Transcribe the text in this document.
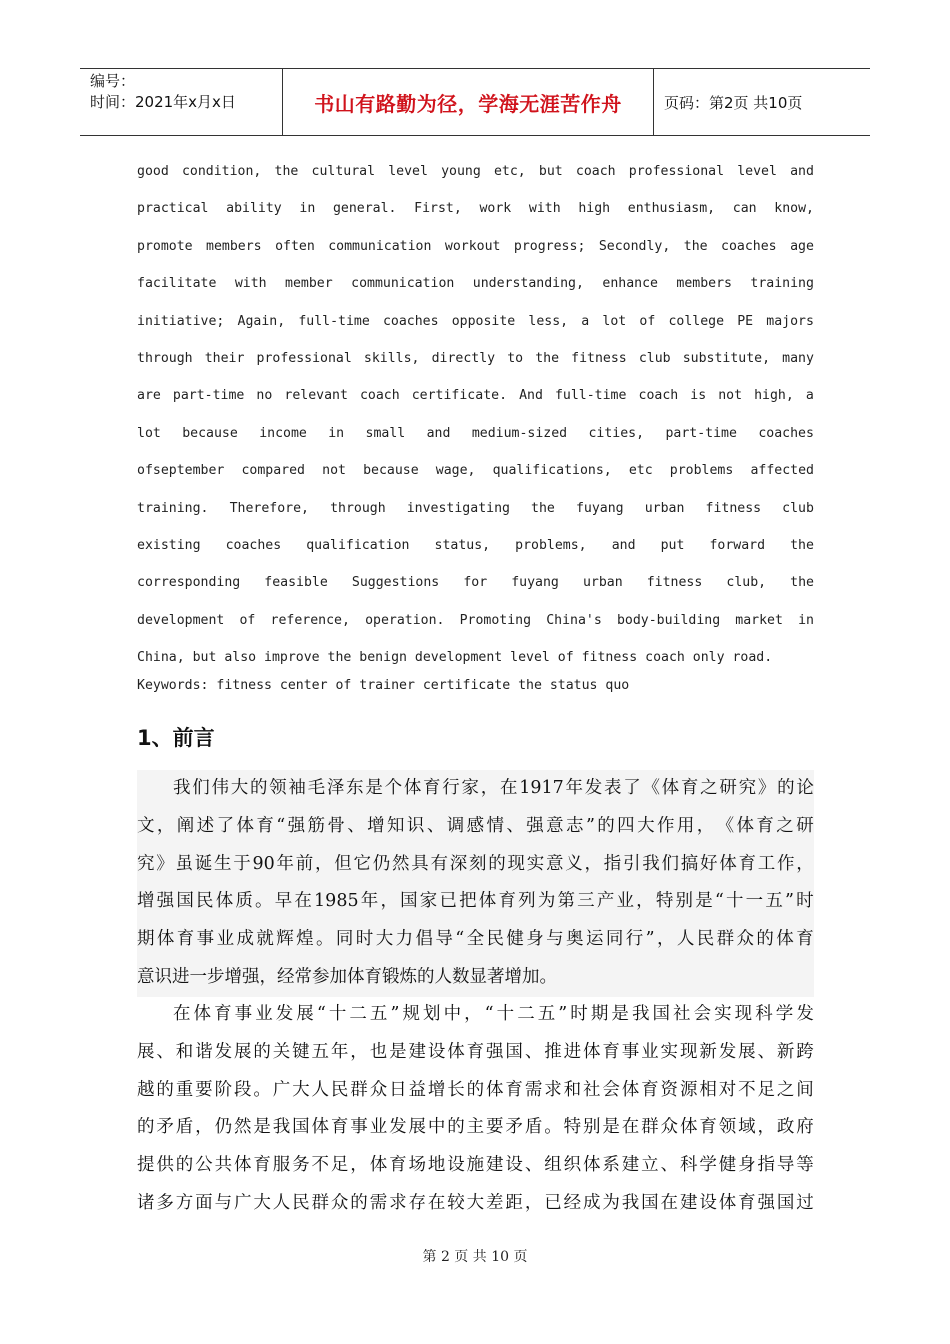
编号：
时间：2021年x月x日	书山有路勤为径，学海无涯苦作舟	页码：第2页 共10页
good condition, the cultural level young etc, but coach professional level and
practical ability in general. First, work with high enthusiasm, can know,
promote members often communication workout progress; Secondly, the coaches age
facilitate with member communication understanding, enhance members training
initiative; Again, full-time coaches opposite less, a lot of college PE majors
through their professional skills, directly to the fitness club substitute, many
are part-time no relevant coach certificate. And full-time coach is not high, a
lot because income in small and medium-sized cities, part-time coaches
ofseptember compared not because wage, qualifications, etc problems affected
training. Therefore, through investigating the fuyang urban fitness club
existing coaches qualification status, problems, and put forward the
corresponding feasible Suggestions for fuyang urban fitness club, the
development of reference, operation. Promoting China's body-building market in
China, but also improve the benign development level of fitness coach only road.
Keywords: fitness center of trainer certificate the status quo
1、前言
我 们 伟 大 的 领 袖 毛 泽 东 是 个 体 育 行 家 ， 在 1917 年 发 表 了 《 体 育 之 研 究 》 的 论
文 ， 阐 述 了 体 育 “ 强 筋 骨 、 增 知 识 、 调 感 情 、 强 意 志 ” 的 四 大 作 用 ， 《 体 育 之 研
究 》 虽 诞 生 于 90 年 前 ， 但 它 仍 然 具 有 深 刻 的 现 实 意 义 ， 指 引 我 们 搞 好 体 育 工 作 ，
增 强 国 民 体 质 。 早 在 1985 年 ， 国 家 已 把 体 育 列 为 第 三 产 业 ， 特 别 是 “ 十 一 五 ” 时
期 体 育 事 业 成 就 辉 煌 。 同 时 大 力 倡 导 “ 全 民 健 身 与 奥 运 同 行 ” ， 人 民 群 众 的 体 育
意识进一步增强，经常参加体育锻炼的人数显著增加。
在 体 育 事 业 发 展 “ 十 二 五 ” 规 划 中 ， “ 十 二 五 ” 时 期 是 我 国 社 会 实 现 科 学 发
展 、 和 谐 发 展 的 关 键 五 年 ， 也 是 建 设 体 育 强 国 、 推 进 体 育 事 业 实 现 新 发 展 、 新 跨
越 的 重 要 阶 段 。 广 大 人 民 群 众 日 益 增 长 的 体 育 需 求 和 社 会 体 育 资 源 相 对 不 足 之 间
的 矛 盾 ， 仍 然 是 我 国 体 育 事 业 发 展 中 的 主 要 矛 盾 。 特 别 是 在 群 众 体 育 领 域 ， 政 府
提 供 的 公 共 体 育 服 务 不 足 ， 体 育 场 地 设 施 建 设 、 组 织 体 系 建 立 、 科 学 健 身 指 导 等
诸 多 方 面 与 广 大 人 民 群 众 的 需 求 存 在 较 大 差 距 ， 已 经 成 为 我 国 在 建 设 体 育 强 国 过
第 2 页 共 10 页
